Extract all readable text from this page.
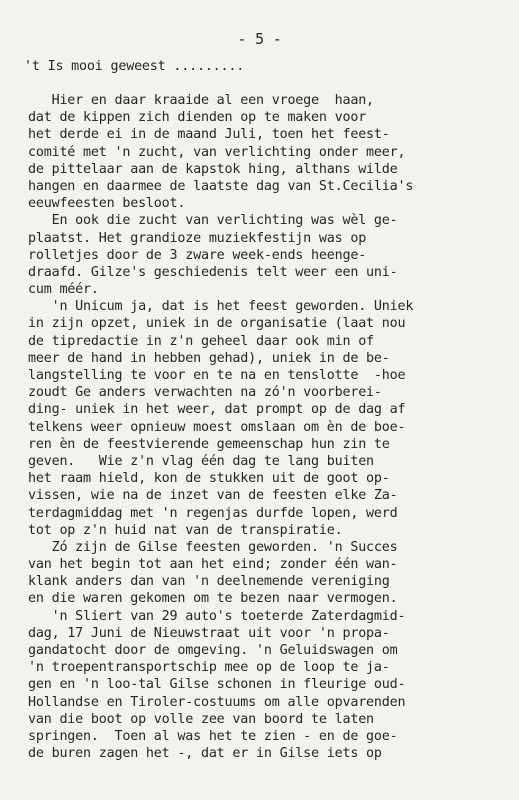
- 5 -
't Is mooi geweest .........
Hier en daar kraaide al een vroege  haan,
dat de kippen zich dienden op te maken voor
het derde ei in de maand Juli, toen het feest-
comité met 'n zucht, van verlichting onder meer,
de pittelaar aan de kapstok hing, althans wilde
hangen en daarmee de laatste dag van St.Cecilia's
eeuwfeesten besloot.
En ook die zucht van verlichting was wèl ge-
plaatst. Het grandioze muziekfestijn was op
rolletjes door de 3 zware week-ends heenge-
draafd. Gilze's geschiedenis telt weer een uni-
cum méér.
'n Unicum ja, dat is het feest geworden. Uniek
in zijn opzet, uniek in de organisatie (laat nou
de tipredactie in z'n geheel daar ook min of
meer de hand in hebben gehad), uniek in de be-
langstelling te voor en te na en tenslotte  -hoe
zoudt Ge anders verwachten na zó'n voorberei-
ding- uniek in het weer, dat prompt op de dag af
telkens weer opnieuw moest omslaan om èn de boe-
ren èn de feestvierende gemeenschap hun zin te
geven.   Wie z'n vlag één dag te lang buiten
het raam hield, kon de stukken uit de goot op-
vissen, wie na de inzet van de feesten elke Za-
terdagmiddag met 'n regenjas durfde lopen, werd
tot op z'n huid nat van de transpiratie.
Zó zijn de Gilse feesten geworden. 'n Succes
van het begin tot aan het eind; zonder één wan-
klank anders dan van 'n deelnemende vereniging
en die waren gekomen om te bezen naar vermogen.
'n Sliert van 29 auto's toeterde Zaterdagmid-
dag, 17 Juni de Nieuwstraat uit voor 'n propa-
gandatocht door de omgeving. 'n Geluidswagen om
'n troepentransportschip mee op de loop te ja-
gen en 'n loo-tal Gilse schonen in fleurige oud-
Hollandse en Tiroler-costuums om alle opvarenden
van die boot op volle zee van boord te laten
springen.  Toen al was het te zien - en de goe-
de buren zagen het -, dat er in Gilse iets op
